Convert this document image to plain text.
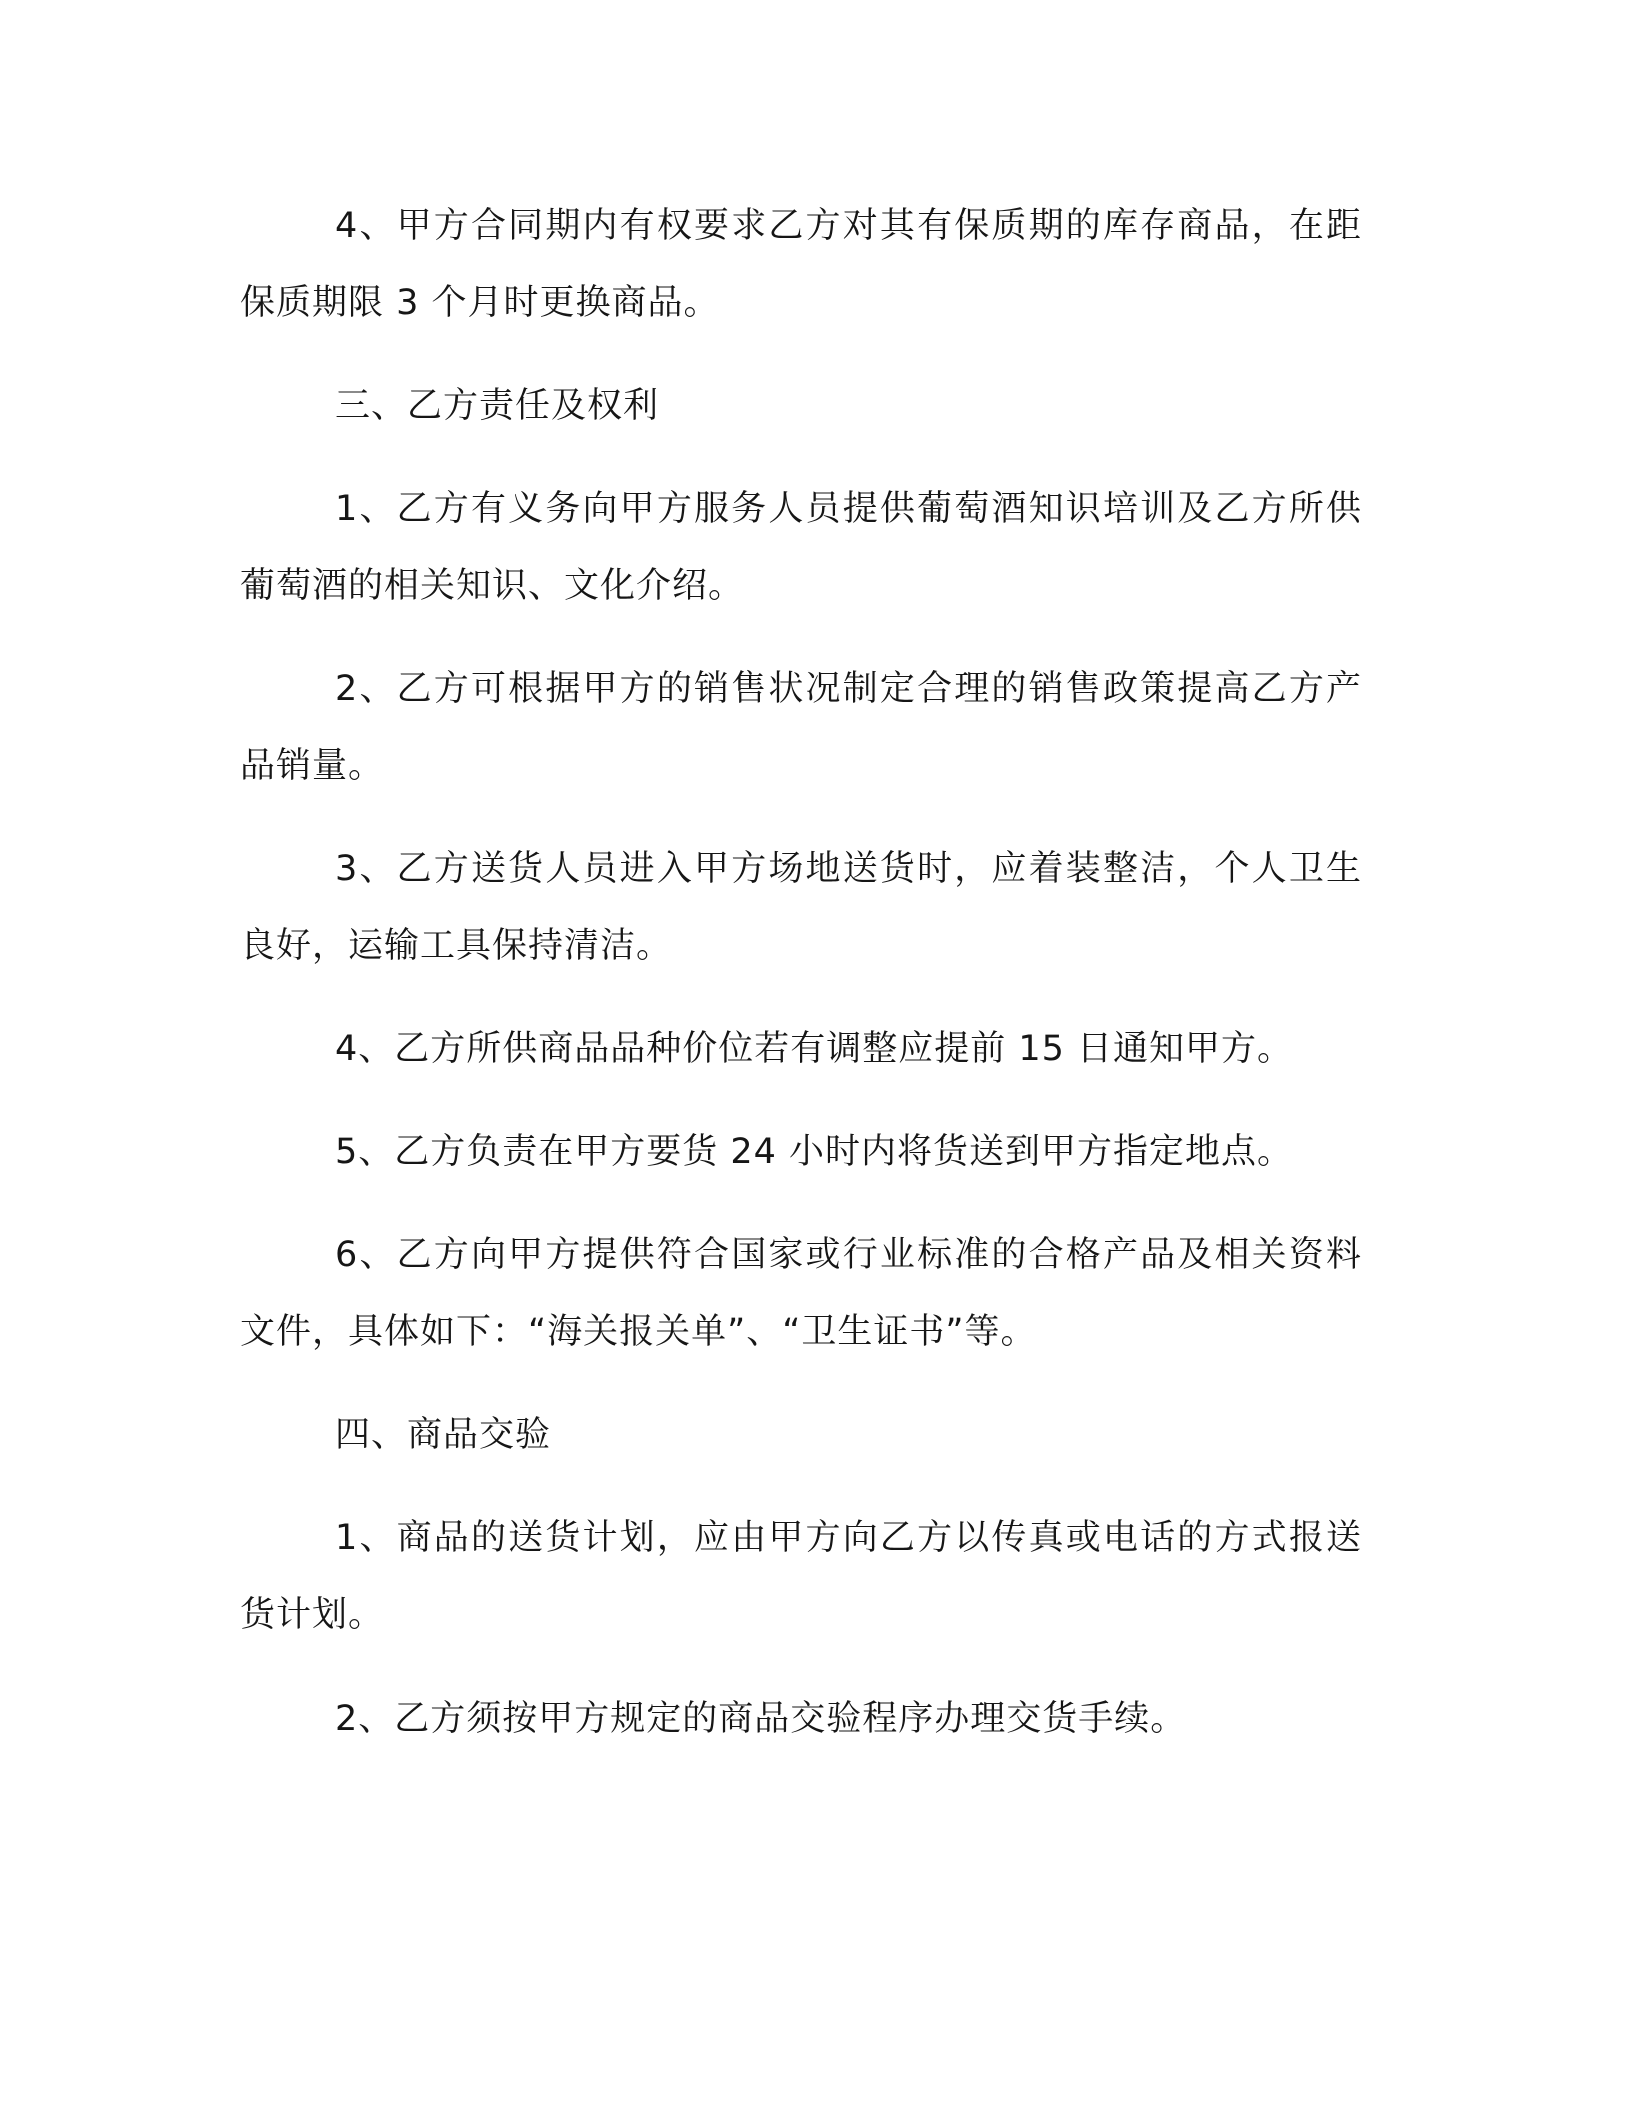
4、甲方合同期内有权要求乙方对其有保质期的库存商品，在距保质期限 3 个月时更换商品。

三、乙方责任及权利

1、乙方有义务向甲方服务人员提供葡萄酒知识培训及乙方所供葡萄酒的相关知识、文化介绍。

2、乙方可根据甲方的销售状况制定合理的销售政策提高乙方产品销量。

3、乙方送货人员进入甲方场地送货时，应着装整洁，个人卫生良好，运输工具保持清洁。

4、乙方所供商品品种价位若有调整应提前 15 日通知甲方。

5、乙方负责在甲方要货 24 小时内将货送到甲方指定地点。

6、乙方向甲方提供符合国家或行业标准的合格产品及相关资料文件，具体如下：“海关报关单”、“卫生证书”等。

四、商品交验

1、商品的送货计划，应由甲方向乙方以传真或电话的方式报送货计划。

2、乙方须按甲方规定的商品交验程序办理交货手续。
